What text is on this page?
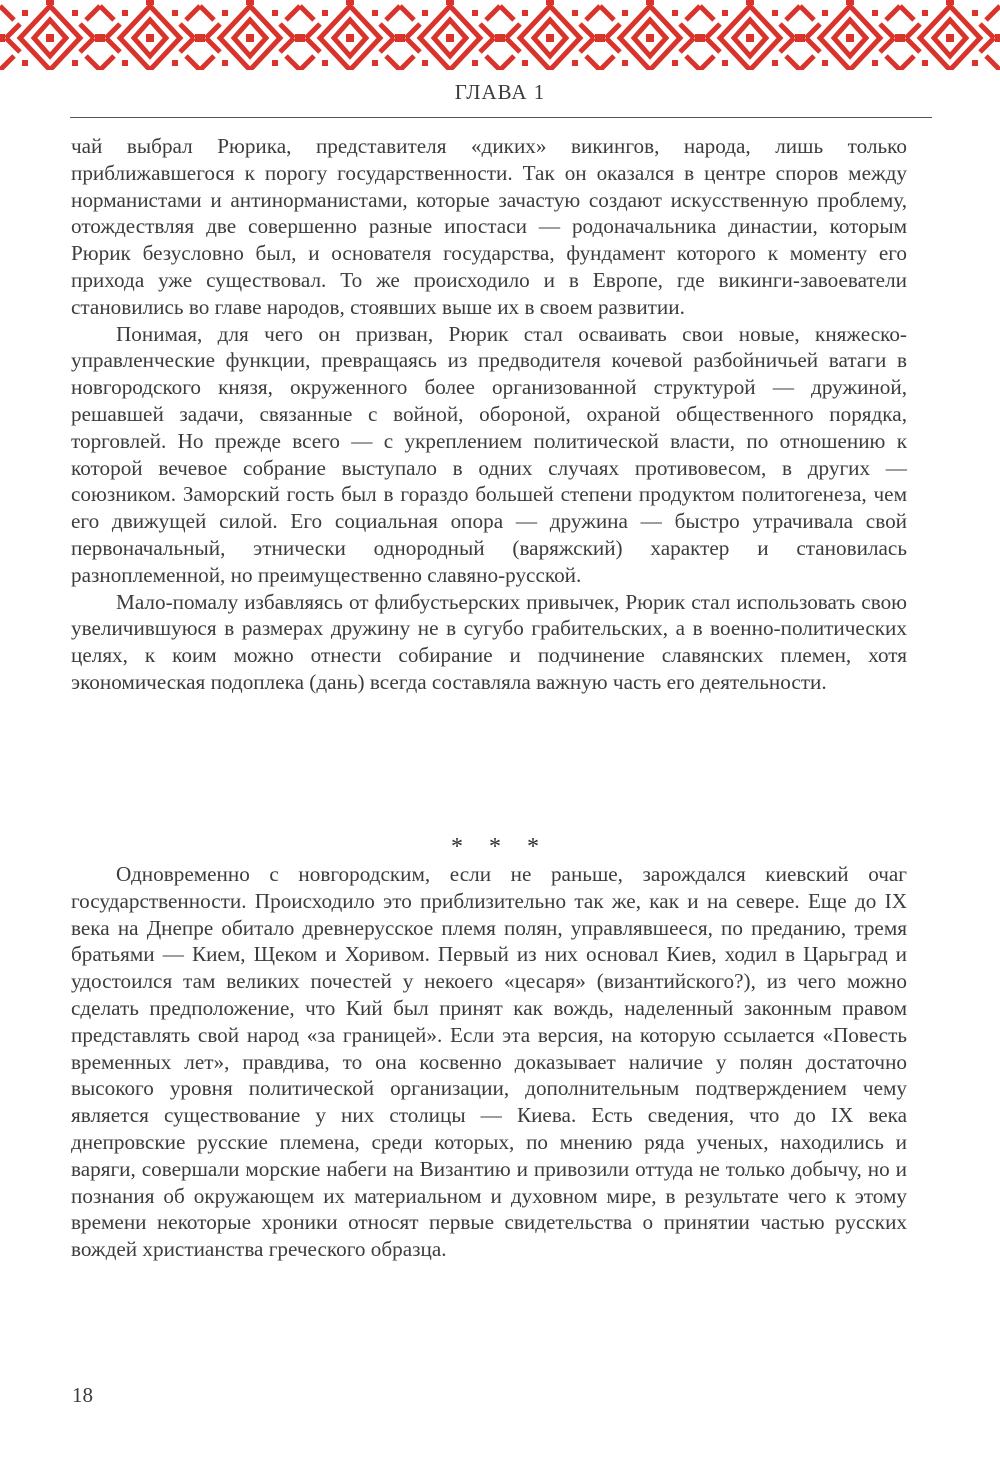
ГЛАВА 1

чай выбрал Рюрика, представителя «диких» викингов, народа, лишь только приближавшегося к порогу государственности. Так он оказался в центре споров между норманистами и антинорманистами, которые зачастую создают искусственную проблему, отождествляя две совершенно разные ипостаси — родоначальника династии, которым Рюрик безусловно был, и основателя государства, фундамент которого к моменту его прихода уже существовал. То же происходило и в Европе, где викинги-завоеватели становились во главе народов, стоявших выше их в своем развитии.

Понимая, для чего он призван, Рюрик стал осваивать свои новые, княжеско-управленческие функции, превращаясь из предводителя кочевой разбойничьей ватаги в новгородского князя, окруженного более организованной структурой — дружиной, решавшей задачи, связанные с войной, обороной, охраной общественного порядка, торговлей. Но прежде всего — с укреплением политической власти, по отношению к которой вечевое собрание выступало в одних случаях противовесом, в других — союзником. Заморский гость был в гораздо большей степени продуктом политогенеза, чем его движущей силой. Его социальная опора — дружина — быстро утрачивала свой первоначальный, этнически однородный (варяжский) характер и становилась разноплеменной, но преимущественно славяно-русской.

Мало-помалу избавляясь от флибустьерских привычек, Рюрик стал использовать свою увеличившуюся в размерах дружину не в сугубо грабительских, а в военно-политических целях, к коим можно отнести собирание и подчинение славянских племен, хотя экономическая подоплека (дань) всегда составляла важную часть его деятельности.

* * *

Одновременно с новгородским, если не раньше, зарождался киевский очаг государственности. Происходило это приблизительно так же, как и на севере. Еще до IX века на Днепре обитало древнерусское племя полян, управлявшееся, по преданию, тремя братьями — Кием, Щеком и Хоривом. Первый из них основал Киев, ходил в Царьград и удостоился там великих почестей у некоего «цесаря» (византийского?), из чего можно сделать предположение, что Кий был принят как вождь, наделенный законным правом представлять свой народ «за границей». Если эта версия, на которую ссылается «Повесть временных лет», правдива, то она косвенно доказывает наличие у полян достаточно высокого уровня политической организации, дополнительным подтверждением чему является существование у них столицы — Киева. Есть сведения, что до IX века днепровские русские племена, среди которых, по мнению ряда ученых, находились и варяги, совершали морские набеги на Византию и привозили оттуда не только добычу, но и познания об окружающем их материальном и духовном мире, в результате чего к этому времени некоторые хроники относят первые свидетельства о принятии частью русских вождей христианства греческого образца.

18
